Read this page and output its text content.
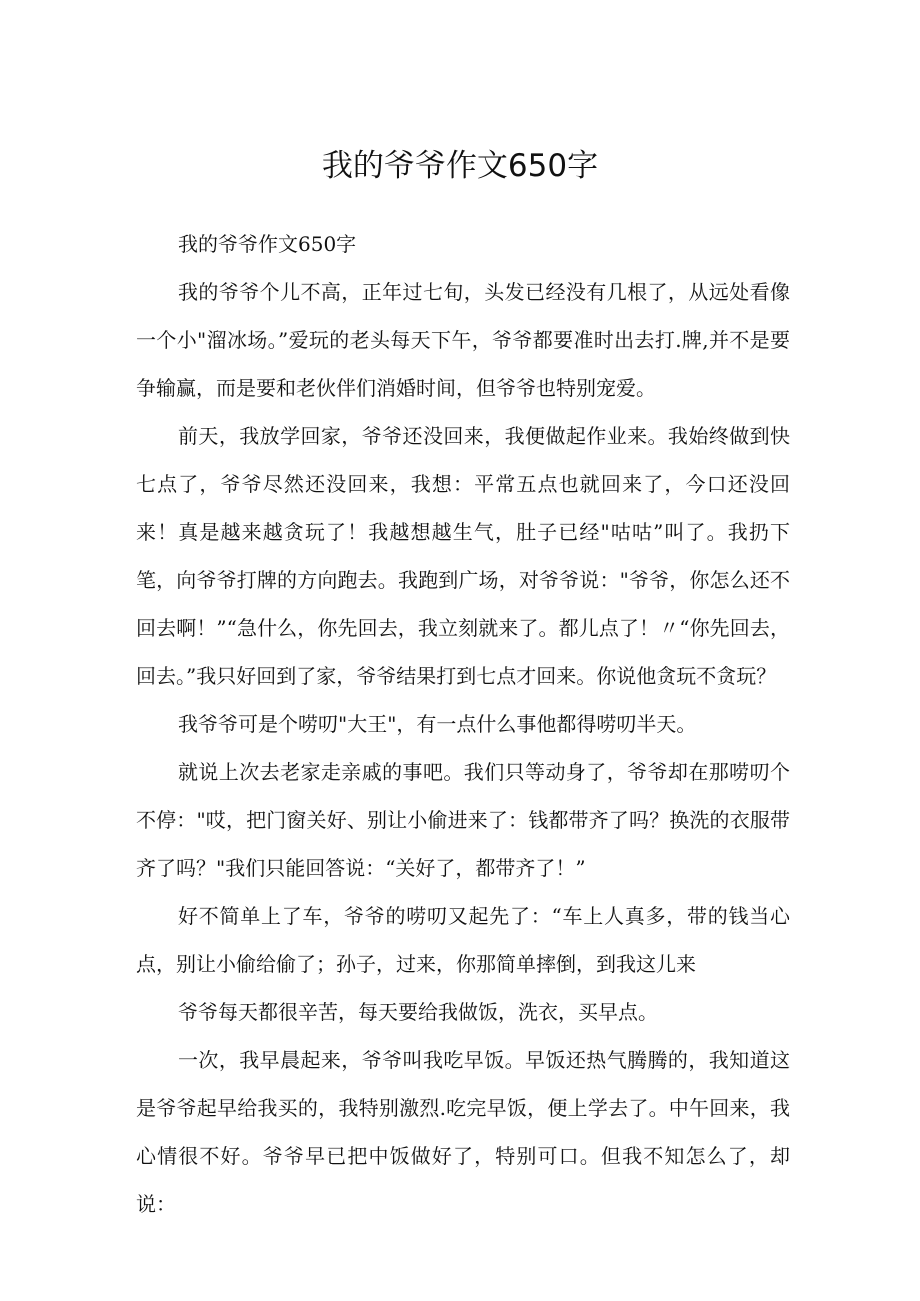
我的爷爷作文650字

我的爷爷作文650字

我的爷爷个儿不高，正年过七旬，头发已经没有几根了，从远处看像一个小"溜冰场。”爱玩的老头每天下午，爷爷都要准时出去打.牌,并不是要争输赢，而是要和老伙伴们消婚时间，但爷爷也特别宠爱。

前天，我放学回家，爷爷还没回来，我便做起作业来。我始终做到快七点了，爷爷尽然还没回来，我想：平常五点也就回来了，今口还没回来！真是越来越贪玩了！我越想越生气，肚子已经"咕咕”叫了。我扔下笔，向爷爷打牌的方向跑去。我跑到广场，对爷爷说："爷爷，你怎么还不回去啊！”“急什么，你先回去，我立刻就来了。都儿点了！〃“你先回去，回去。”我只好回到了家，爷爷结果打到七点才回来。你说他贪玩不贪玩？

我爷爷可是个唠叨"大王"，有一点什么事他都得唠叨半天。

就说上次去老家走亲戚的事吧。我们只等动身了，爷爷却在那唠叨个不停："哎，把门窗关好、别让小偷进来了：钱都带齐了吗？换洗的衣服带齐了吗？"我们只能回答说：“关好了，都带齐了！”

好不简单上了车，爷爷的唠叨又起先了：“车上人真多，带的钱当心点，别让小偷给偷了；孙子，过来，你那简单摔倒，到我这儿来

爷爷每天都很辛苦，每天要给我做饭，洗衣，买早点。

一次，我早晨起来，爷爷叫我吃早饭。早饭还热气腾腾的，我知道这是爷爷起早给我买的，我特别激烈.吃完早饭，便上学去了。中午回来，我心情很不好。爷爷早已把中饭做好了，特别可口。但我不知怎么了，却说：
